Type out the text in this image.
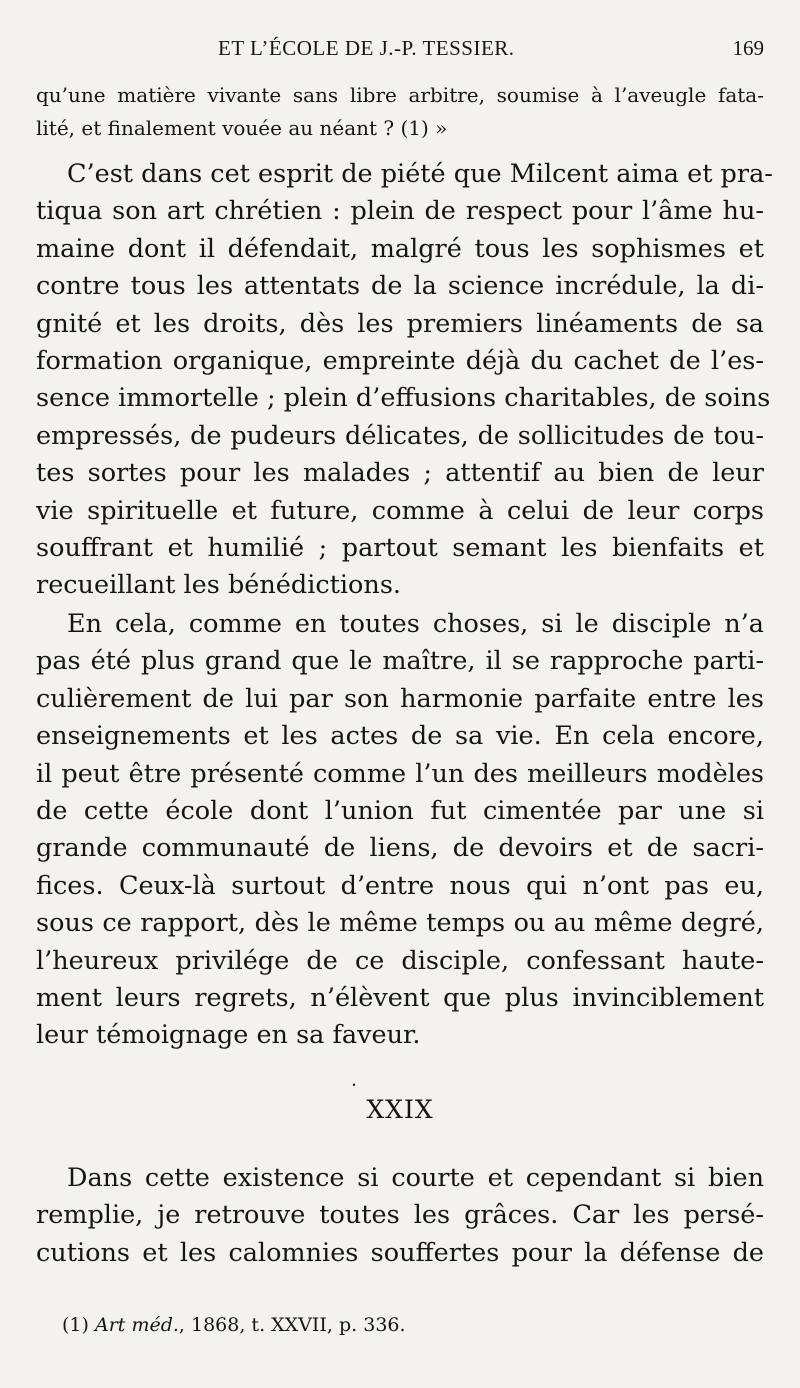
ET L’ÉCOLE DE J.-P. TESSIER.	169
qu’une matière vivante sans libre arbitre, soumise à l’aveugle fata-
lité, et finalement vouée au néant ? (1) »
C’est dans cet esprit de piété que Milcent aima et pra-
tiqua son art chrétien : plein de respect pour l’âme hu-
maine dont il défendait, malgré tous les sophismes et
contre tous les attentats de la science incrédule, la di-
gnité et les droits, dès les premiers linéaments de sa
formation organique, empreinte déjà du cachet de l’es-
sence immortelle ; plein d’effusions charitables, de soins
empressés, de pudeurs délicates, de sollicitudes de tou-
tes sortes pour les malades ; attentif au bien de leur
vie spirituelle et future, comme à celui de leur corps
souffrant et humilié ; partout semant les bienfaits et
recueillant les bénédictions.
En cela, comme en toutes choses, si le disciple n’a
pas été plus grand que le maître, il se rapproche parti-
culièrement de lui par son harmonie parfaite entre les
enseignements et les actes de sa vie. En cela encore,
il peut être présenté comme l’un des meilleurs modèles
de cette école dont l’union fut cimentée par une si
grande communauté de liens, de devoirs et de sacri-
fices. Ceux-là surtout d’entre nous qui n’ont pas eu,
sous ce rapport, dès le même temps ou au même degré,
l’heureux privilége de ce disciple, confessant haute-
ment leurs regrets, n’élèvent que plus invinciblement
leur témoignage en sa faveur.
•
XXIX
Dans cette existence si courte et cependant si bien
remplie, je retrouve toutes les grâces. Car les persé-
cutions et les calomnies souffertes pour la défense de
(1) Art méd., 1868, t. XXVII, p. 336.
